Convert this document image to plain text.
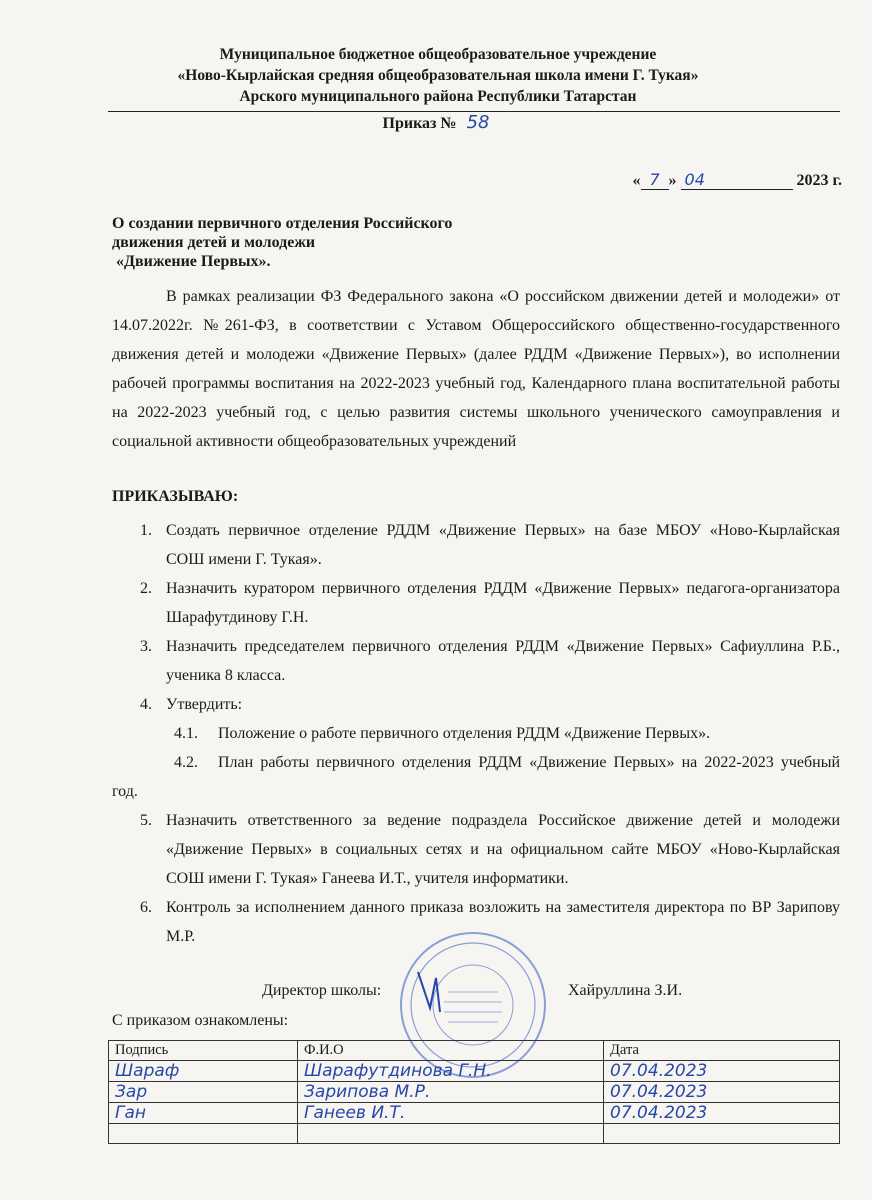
Муниципальное бюджетное общеобразовательное учреждение
«Ново-Кырлайская средняя общеобразовательная школа имени Г. Тукая»
Арского муниципального района Республики Татарстан
Приказ № 58
« 7 » 04	2023 г.
О создании первичного отделения Российского
движения детей и молодежи
«Движение Первых».

В рамках реализации ФЗ Федерального закона «О российском движении детей и молодежи» от 14.07.2022г. №261-ФЗ, в соответствии с Уставом Общероссийского общественно-государственного движения детей и молодежи «Движение Первых» (далее РДДМ «Движение Первых»), во исполнении рабочей программы воспитания на 2022-2023 учебный год, Календарного плана воспитательной работы на 2022-2023 учебный год, с целью развития системы школьного ученического самоуправления и социальной активности общеобразовательных учреждений

ПРИКАЗЫВАЮ:
1. Создать первичное отделение РДДМ «Движение Первых» на базе МБОУ «Ново-Кырлайская СОШ имени Г. Тукая».
2. Назначить куратором первичного отделения РДДМ «Движение Первых» педагога-организатора Шарафутдинову Г.Н.
3. Назначить председателем первичного отделения РДДМ «Движение Первых» Сафиуллина Р.Б., ученика 8 класса.
4. Утвердить:
4.1.	Положение о работе первичного отделения РДДМ «Движение Первых».
4.2.	План работы первичного отделения РДДМ «Движение Первых» на 2022-2023 учебный год.
5. Назначить ответственного за ведение подраздела Российское движение детей и молодежи «Движение Первых» в социальных сетях и на официальном сайте МБОУ «Ново-Кырлайская СОШ имени Г. Тукая» Ганеева И.Т., учителя информатики.
6. Контроль за исполнением данного приказа возложить на заместителя директора по ВР Зарипову М.Р.
Директор школы:	Хайруллина З.И.
С приказом ознакомлены:
Подпись	Ф.И.О	Дата
Шараф	Шарафутдинова Г.Н.	07.04.2023
Зар	Зарипова М.Р.	07.04.2023
Ган	Ганеев И.Т.	07.04.2023
